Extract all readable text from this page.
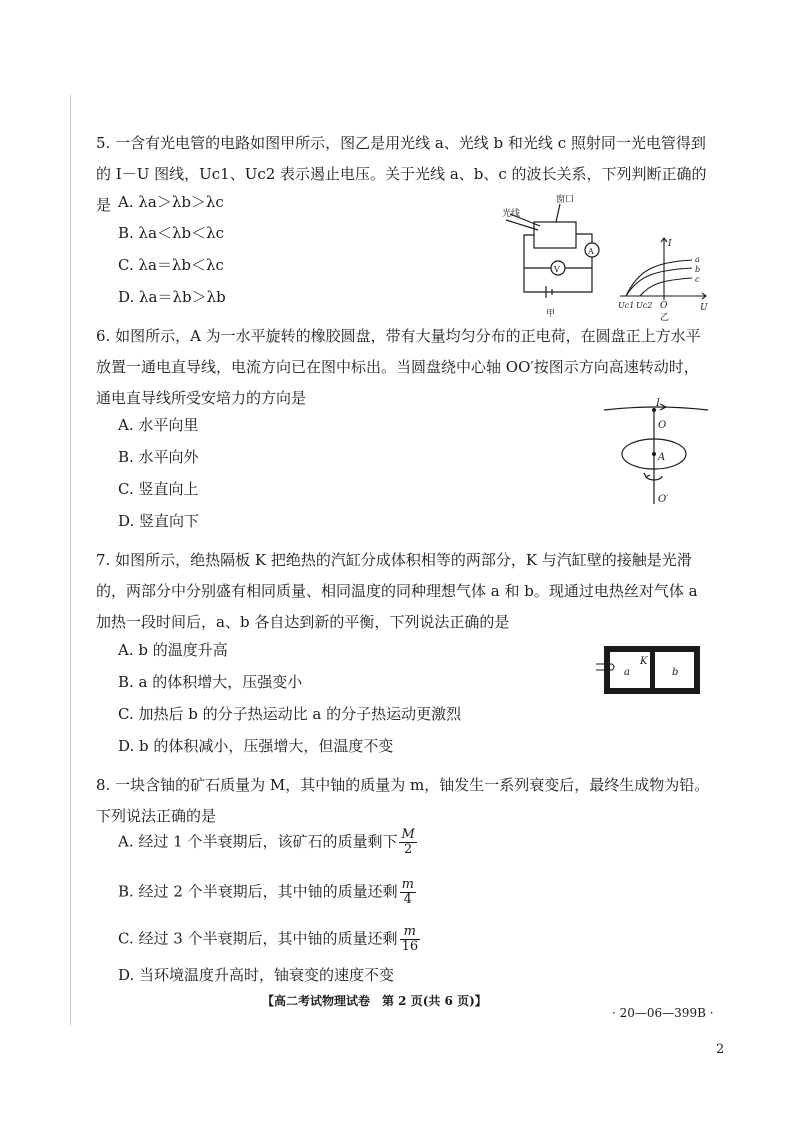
5. 一含有光电管的电路如图甲所示，图乙是用光线 a、光线 b 和光线 c 照射同一光电管得到的 I－U 图线，Uc1、Uc2 表示遏止电压。关于光线 a、b、c 的波长关系，下列判断正确的是 A. λa＞λb＞λc
B. λa＜λb＜λc
C. λa＝λb＜λc
D. λa＝λb＞λb
窗口
光线
A
V
甲
I
U
O
Uc1 Uc2
a
b
c
乙
6. 如图所示，A 为一水平旋转的橡胶圆盘，带有大量均匀分布的正电荷，在圆盘正上方水平放置一通电直导线，电流方向已在图中标出。当圆盘绕中心轴 OO′按图示方向高速转动时，通电直导线所受安培力的方向是
A. 水平向里
B. 水平向外
C. 竖直向上
D. 竖直向下
I
O
A
O′
7. 如图所示，绝热隔板 K 把绝热的汽缸分成体积相等的两部分，K 与汽缸壁的接触是光滑的，两部分中分别盛有相同质量、相同温度的同种理想气体 a 和 b。现通过电热丝对气体 a 加热一段时间后，a、b 各自达到新的平衡，下列说法正确的是
A. b 的温度升高
B. a 的体积增大，压强变小
C. 加热后 b 的分子热运动比 a 的分子热运动更激烈
D. b 的体积减小，压强增大，但温度不变
a
K
b
8. 一块含铀的矿石质量为 M，其中铀的质量为 m，铀发生一系列衰变后，最终生成物为铅。下列说法正确的是
A. 经过 1 个半衰期后，该矿石的质量剩下 $\frac{M}{2}$
B. 经过 2 个半衰期后，其中铀的质量还剩 $\frac{m}{4}$
C. 经过 3 个半衰期后，其中铀的质量还剩 $\frac{m}{16}$
D. 当环境温度升高时，铀衰变的速度不变
【高二考试物理试卷　第 2 页(共 6 页)】
· 20—06—399B ·
2
